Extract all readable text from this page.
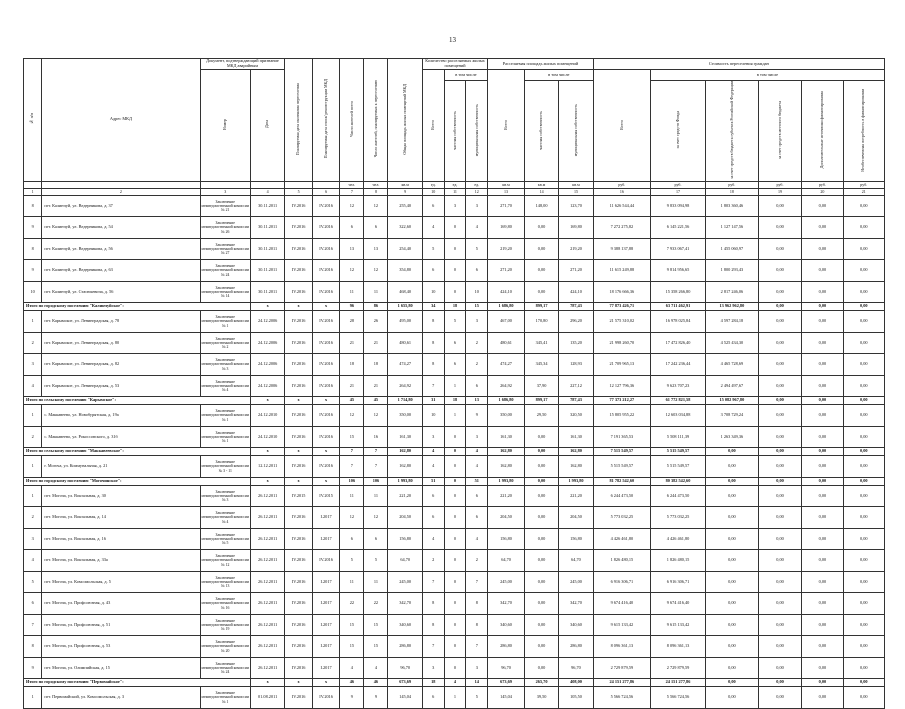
13
№ п/п	Адрес МКД	Документ, подтверждающий признание МКД аварийным		Планируемая дата окончания переселения	Планируемая дата сноса/ реконструкции МКД	Число жителей всего	Число жителей, планируемых к переселению	Общая площадь жилых помещений МКД	Количество расселяемых жилых помещений			Расселяемая площадь жилых помещений			Стоимость переселения граждан					
		Номер	Дата						Всего	в том числе		Всего	в том числе		Всего	в том числе				
										частная собственность	муниципальная собственность		частная собственность	муниципальная собственность		за счет средств Фонда	за счет средств бюджета субъекта Российской Федерации	за счет средств местного бюджета	Дополнительные источники финансирования	Необеспеченная потребность в финансировании
						чел.	чел.	кв.м	ед.	ед.	ед.	кв.м	кв.м	кв.м	руб.	руб.	руб.	руб.	руб.	руб.
1	2	3	4	5	6	7	8	9	10	11	12	13	14	15	16	17	18	19	20	21
8	пгт. Калинчуй, ул. Ведерникова, д. 37	Заключение межведомственной комиссии № 21	30.11.2011	IV.2016	IV.2016	12	12	255,40	6	3	3	271,70	148,00	123,70	11 626 544,44	9 833 094,98	1 803 360,46	0,00	0,00	0,00
9	пгт. Калинчуй, ул. Ведерникова, д. 54	Заключение межведомственной комиссии № 26	30.11.2011	IV.2016	IV.2016	6	6	322,60	4	0	4	169,80	0,00	169,80	7 272 275,82	6 145 221,56	1 127 147,56	0,00	0,00	0,00
8	пгт. Калинчуй, ул. Ведерникова, д. 56	Заключение межведомственной комиссии № 27	30.11.2011	IV.2016	IV.2016	13	13	254,40	5	0	5	219,20	0,00	219,20	9 388 137,88	7 933 067,41	1 455 060,97	0,00	0,00	0,00
9	пгт. Калинчуй, ул. Ведерникова, д. 63	Заключение межведомственной комиссии № 24	30.11.2011	IV.2016	IV.2016	12	12	354,80	6	0	6	271,20	0,00	271,20	11 615 249,88	9 814 956,65	1 800 293,43	0,00	0,00	0,00
10	пгт. Калинчуй, ул. Стасюкевича, д. 56	Заключение межведомственной комиссии № 14	30.11.2011	IV.2016	IV.2016	11	11	468,40	10	0	10	424,10	0,00	424,10	18 176 666,36	15 358 266,80	2 817 246,06	0,00	0,00	0,00
Итого по городскому поселению "Калинчуйское":			x	x	x	96	86	1 655,80	34	18	15	1 686,80	899,17	787,43	77 873 426,71	63 711 462,91	13 962 962,80	0,00	0,00	0,00
1	пгт. Карымское, ул. Ленинградская, д. 78	Заключение межведомственной комиссии № 1	24.12.2006	IV.2016	IV.2016	28	26	495,00	8	5	3	467,00	170,80	296,20	21 575 310,02	16 978 025,84	4 597 284,18	0,00	0,00	0,00
2	пгт. Карымское, ул. Ленинградская, д. 80	Заключение межведомственной комиссии № 2	24.12.2006	IV.2016	IV.2016	21	21	480,61	8	6	2	480,61	345,41	135,20	21 998 260,70	17 472 826,40	4 525 434,30	0,00	0,00	0,00
3	пгт. Карымское, ул. Ленинградская, д. 82	Заключение межведомственной комиссии № 3	24.12.2006	IV.2016	IV.2016	18	18	474,27	8	6	2	474,27	345,34	128,93	21 709 965,13	17 242 236,44	4 465 728,69	0,00	0,00	0,00
4	пгт. Карымское, ул. Ленинградская, д. 53	Заключение межведомственной комиссии № 4	24.12.2006	IV.2016	IV.2016	21	21	264,92	7	1	6	264,92	37,90	227,12	12 127 796,36	9 623 707,23	2 494 497,67	0,00	0,00	0,00
Итого по сельскому поселению "Карымское":			x	x	x	45	45	1 714,80	31	18	13	1 686,80	899,17	787,43	77 373 212,27	61 772 821,58	15 082 967,80	0,00	0,00	0,00
1	с. Маккавеево, ул. Новобурятская, д. 19а	Заключение межведомственной комиссии № 1	24.12.2010	IV.2016	IV.2016	12	12	350,00	10	1	9	350,00	29,50	320,50	15 805 955,22	12 603 034,88	3 708 729,24	0,00	0,00	0,00
2	с. Маккавеево, ул. Рокоссовского, д. 31б	Заключение межведомственной комиссии № 1	24.12.2010	IV.2016	IV.2016	15	16	161,30	3	0	3	161,30	0,00	161,30	7 191 365,53	5 508 111,39	1 263 349,36	0,00	0,00	0,00
Итого по сельскому поселению "Маккавеевское":			x	x	x	7	7	162,80	4	0	4	162,80	0,00	162,80	7 515 549,57	5 515 549,57	0,00	0,00	0,00	0,00
1	г. Могоча, ул. Коммунальная, д. 21	Заключение межведомственной комиссии № 3 - 11	12.12.2011	IV.2016	IV.2016	7	7	162,80	4	0	4	162,80	0,00	162,80	5 515 549,57	5 515 549,57	0,00	0,00	0,00	0,00
Итого по городскому поселению "Могочинское":			x	x	x	106	106	1 993,80	51	0	51	1 993,80	0,00	1 993,80	81 782 542,60	80 382 542,60	0,00	0,00	0,00	0,00
1	пгт. Могоча, ул. Вокзальная, д. 30	Заключение межведомственной комиссии № 3	26.12.2011	IV.2015	IV.2015	11	11	221,20	6	0	6	221,20	0,00	221,20	6 244 473,50	6 244 473,50	0,00	0,00	0,00	0,00
2	пгт. Могоча, ул. Вокзальная, д. 14	Заключение межведомственной комиссии № 4	26.12.2011	IV.2016	I.2017	12	12	204,50	6	0	6	204,50	0,00	204,50	5 773 032,25	5 773 032,25	0,00	0,00	0,00	0,00
3	пгт. Могоча, ул. Вокзальная, д. 16	Заключение межведомственной комиссии № 5	26.12.2011	IV.2016	I.2017	6	6	156,80	4	0	4	156,80	0,00	156,80	4 426 461,80	4 426 461,80	0,00	0,00	0,00	0,00
4	пгт. Могоча, ул. Вокзальная, д. 33а	Заключение межведомственной комиссии № 12	26.12.2011	IV.2016	IV.2016	5	5	64,70	2	0	2	64,70	0,00	64,70	1 826 480,15	1 826 480,15	0,00	0,00	0,00	0,00
5	пгт. Могоча, ул. Комсомольская, д. 5	Заключение межведомственной комиссии № 13	26.12.2011	IV.2016	I.2017	11	11	245,00	7	0	7	245,00	0,00	245,00	6 916 306,71	6 916 306,71	0,00	0,00	0,00	0,00
6	пгт. Могоча, ул. Профсоюзная, д. 43	Заключение межведомственной комиссии № 16	26.12.2011	IV.2016	I.2017	22	22	342,70	8	0	8	342,70	0,00	342,70	9 674 416,40	9 674 416,40	0,00	0,00	0,00	0,00
7	пгт. Могоча, ул. Профсоюзная, д. 51	Заключение межведомственной комиссии № 19	26.12.2011	IV.2016	I.2017	15	15	340,60	8	0	8	340,60	0,00	340,60	9 615 133,42	9 615 133,42	0,00	0,00	0,00	0,00
8	пгт. Могоча, ул. Профсоюзная, д. 53	Заключение межведомственной комиссии № 20	26.12.2011	IV.2016	I.2017	15	15	286,80	7	0	7	286,80	0,00	286,80	8 096 361,13	8 096 361,13	0,00	0,00	0,00	0,00
9	пгт. Могоча, ул. Олимпийская, д. 15	Заключение межведомственной комиссии № 24	26.12.2011	IV.2016	I.2017	4	4	96,70	3	0	3	96,70	0,00	96,70	2 729 879,59	2 729 879,59	0,00	0,00	0,00	0,00
Итого по городскому поселению "Первомайское":			x	x	x	46	46	673,69	18	4	14	673,69	265,70	408,00	24 151 277,86	24 151 277,86	0,00	0,00	0,00	0,00
1	пгт. Первомайский, ул. Комсомольская, д. 3	Заключение межведомственной комиссии № 1	01.08.2011	IV.2016	IV.2016	9	9	145,04	6	1	5	145,04	39,50	105,50	5 566 724,56	5 566 724,56	0,00	0,00	0,00	0,00
